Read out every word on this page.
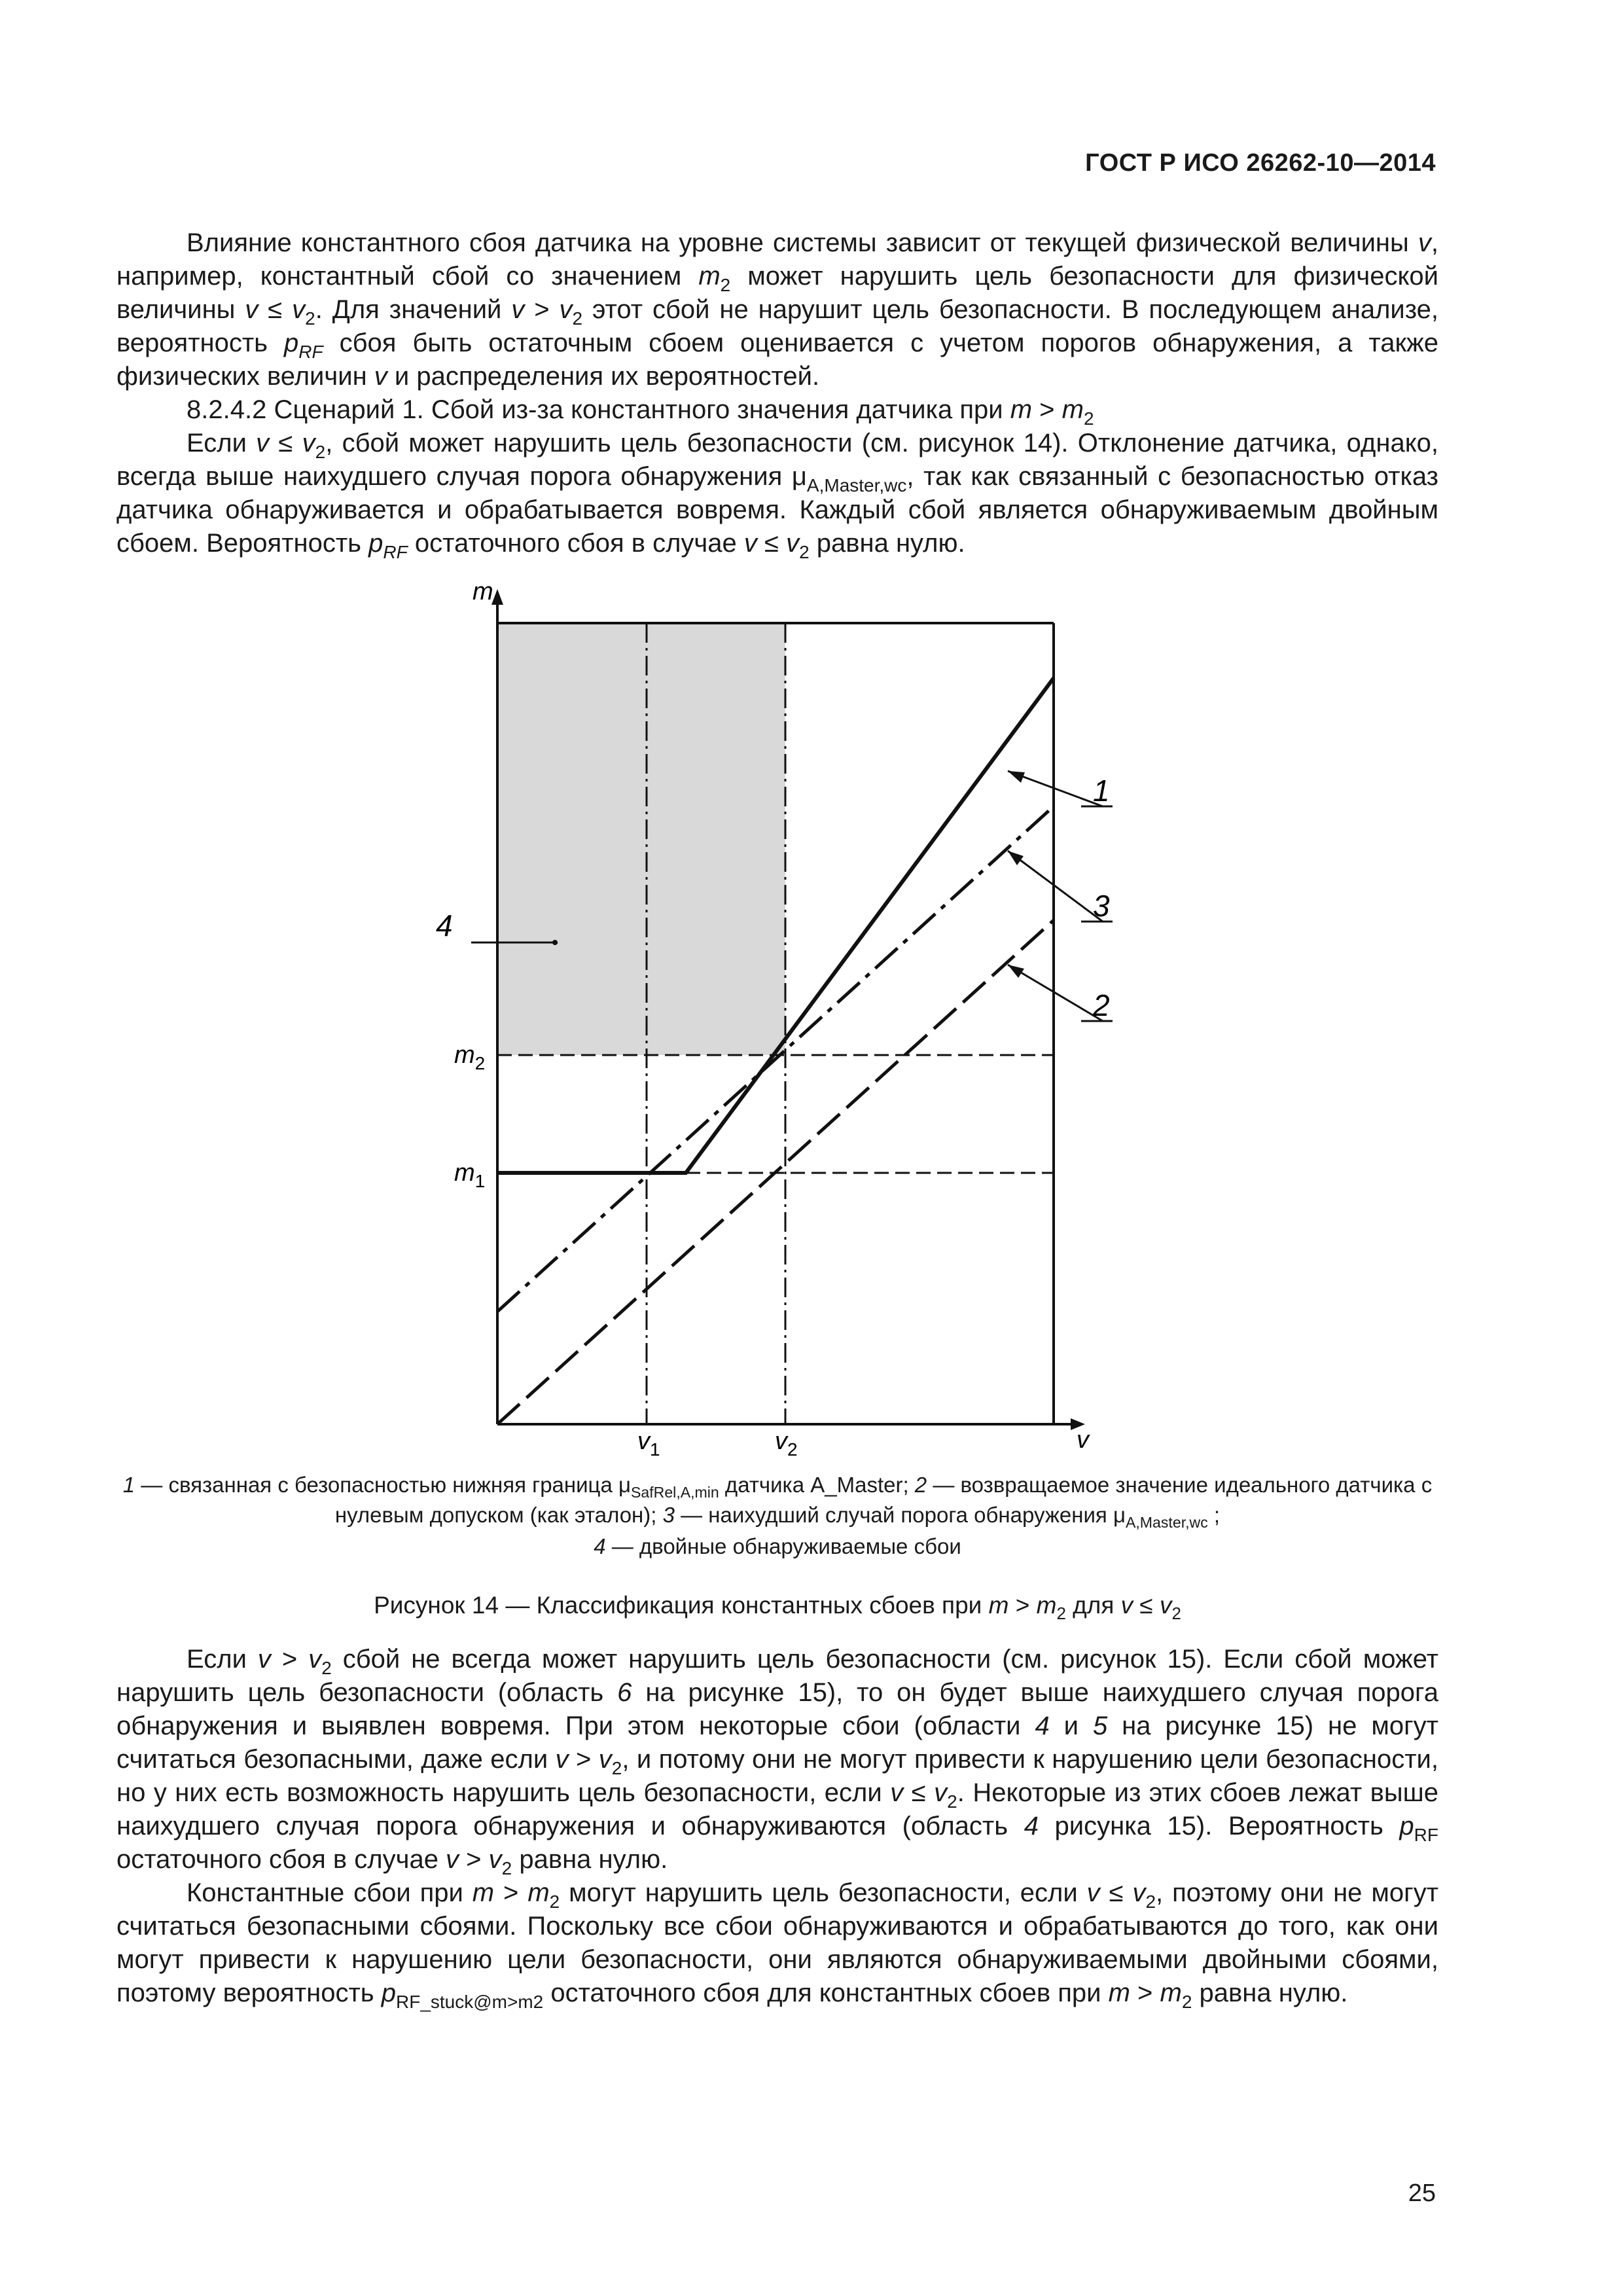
ГОСТ Р ИСО 26262-10—2014

Влияние константного сбоя датчика на уровне системы зависит от текущей физической величины v, например, константный сбой со значением $m_2$ может нарушить цель безопасности для физической величины $v \le v_2$. Для значений $v > v_2$ этот сбой не нарушит цель безопасности. В последующем анализе, вероятность $p_{RF}$ сбоя быть остаточным сбоем оценивается с учетом порогов обнаружения, а также физических величин v и распределения их вероятностей.

8.2.4.2 Сценарий 1. Сбой из-за константного значения датчика при $m > m_2$

Если $v \le v_2$, сбой может нарушить цель безопасности (см. рисунок 14). Отклонение датчика, однако, всегда выше наихудшего случая порога обнаружения $\mu_{A,Master,wc}$, так как связанный с безопасностью отказ датчика обнаруживается и обрабатывается вовремя. Каждый сбой является обнаруживаемым двойным сбоем. Вероятность $p_{RF}$ остаточного сбоя в случае $v \le v_2$ равна нулю.

m
v
$m_2$
$m_1$
$v_1$	$v_2$
1
3
2
4
1 — связанная с безопасностью нижняя граница $\mu_{SafRel,A,min}$ датчика A_Master; 2 — возвращаемое значение идеального датчика с нулевым допуском (как эталон); 3 — наихудший случай порога обнаружения $\mu_{A,Master,wc}$ ;
4 — двойные обнаруживаемые сбои
Рисунок 14 — Классификация константных сбоев при $m > m_2$ для $v \le v_2$

Если $v > v_2$ сбой не всегда может нарушить цель безопасности (см. рисунок 15). Если сбой может нарушить цель безопасности (область 6 на рисунке 15), то он будет выше наихудшего случая порога обнаружения и выявлен вовремя. При этом некоторые сбои (области 4 и 5 на рисунке 15) не могут считаться безопасными, даже если $v > v_2$, и потому они не могут привести к нарушению цели безопасности, но у них есть возможность нарушить цель безопасности, если $v \le v_2$. Некоторые из этих сбоев лежат выше наихудшего случая порога обнаружения и обнаруживаются (область 4 рисунка 15). Вероятность $p_{RF}$ остаточного сбоя в случае $v > v_2$ равна нулю.

Константные сбои при $m > m_2$ могут нарушить цель безопасности, если $v \le v_2$, поэтому они не могут считаться безопасными сбоями. Поскольку все сбои обнаруживаются и обрабатываются до того, как они могут привести к нарушению цели безопасности, они являются обнаруживаемыми двойными сбоями, поэтому вероятность $p_{RF\_stuck@m>m2}$ остаточного сбоя для константных сбоев при $m > m_2$ равна нулю.

25
